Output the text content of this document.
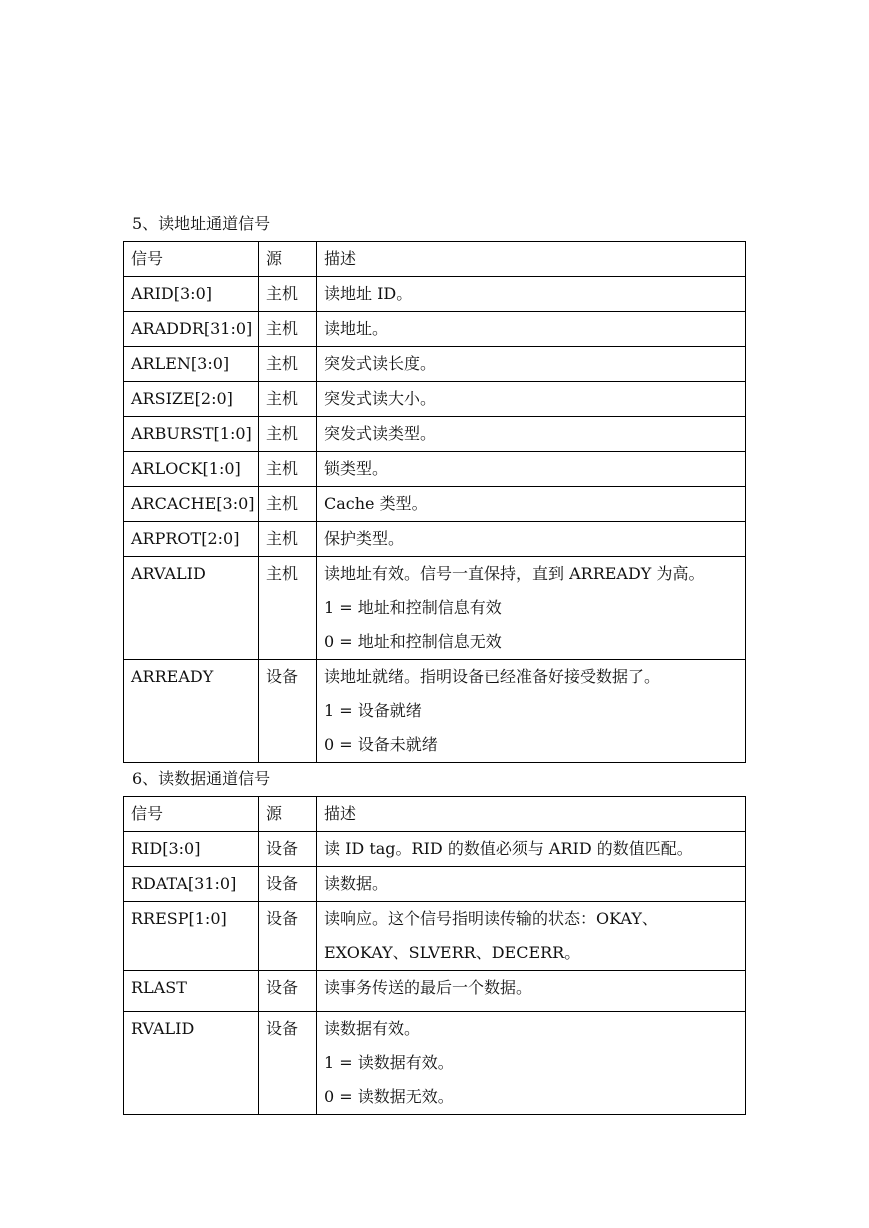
5、读地址通道信号
信号	源	描述
ARID[3:0]	主机	读地址 ID。
ARADDR[31:0]	主机	读地址。
ARLEN[3:0]	主机	突发式读长度。
ARSIZE[2:0]	主机	突发式读大小。
ARBURST[1:0]	主机	突发式读类型。
ARLOCK[1:0]	主机	锁类型。
ARCACHE[3:0]	主机	Cache 类型。
ARPROT[2:0]	主机	保护类型。
ARVALID	主机	读地址有效。信号一直保持，直到 ARREADY 为高。
1 = 地址和控制信息有效
0 = 地址和控制信息无效

ARREADY	设备	读地址就绪。指明设备已经准备好接受数据了。
1 = 设备就绪
0 = 设备未就绪
6、读数据通道信号
信号	源	描述
RID[3:0]	设备	读 ID tag。RID 的数值必须与 ARID 的数值匹配。
RDATA[31:0]	设备	读数据。
RRESP[1:0]	设备	读响应。这个信号指明读传输的状态：OKAY、
EXOKAY、SLVERR、DECERR。

RLAST	设备	读事务传送的最后一个数据。
RVALID	设备	读数据有效。
1 = 读数据有效。
0 = 读数据无效。
